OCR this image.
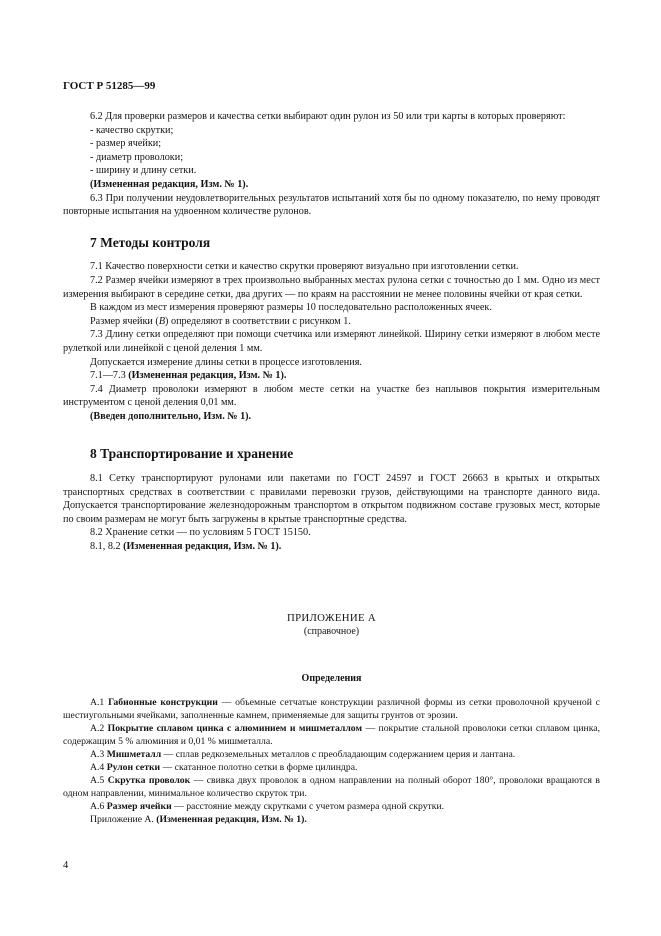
ГОСТ Р 51285—99

6.2 Для проверки размеров и качества сетки выбирают один рулон из 50 или три карты в которых проверяют:

- качество скрутки;

- размер ячейки;

- диаметр проволоки;

- ширину и длину сетки.

(Измененная редакция, Изм. № 1).

6.3 При получении неудовлетворительных результатов испытаний хотя бы по одному показателю, по нему проводят повторные испытания на удвоенном количестве рулонов.

7 Методы контроля

7.1 Качество поверхности сетки и качество скрутки проверяют визуально при изготовлении сетки.

7.2 Размер ячейки измеряют в трех произвольно выбранных местах рулона сетки с точностью до 1 мм. Одно из мест измерения выбирают в середине сетки, два других — по краям на расстоянии не менее половины ячейки от края сетки.

В каждом из мест измерения проверяют размеры 10 последовательно расположенных ячеек.

Размер ячейки (В) определяют в соответствии с рисунком 1.

7.3 Длину сетки определяют при помощи счетчика или измеряют линейкой. Ширину сетки измеряют в любом месте рулеткой или линейкой с ценой деления 1 мм.

Допускается измерение длины сетки в процессе изготовления.

7.1—7.3 (Измененная редакция, Изм. № 1).

7.4 Диаметр проволоки измеряют в любом месте сетки на участке без наплывов покрытия измерительным инструментом с ценой деления 0,01 мм.

(Введен дополнительно, Изм. № 1).

8 Транспортирование и хранение

8.1 Сетку транспортируют рулонами или пакетами по ГОСТ 24597 и ГОСТ 26663 в крытых и открытых транспортных средствах в соответствии с правилами перевозки грузов, действующими на транспорте данного вида. Допускается транспортирование железнодорожным транспортом в открытом подвижном составе грузовых мест, которые по своим размерам не могут быть загружены в крытые транспортные средства.

8.2 Хранение сетки — по условиям 5 ГОСТ 15150.

8.1, 8.2 (Измененная редакция, Изм. № 1).

ПРИЛОЖЕНИЕ А
(справочное)
Определения

А.1 Габионные конструкции — объемные сетчатые конструкции различной формы из сетки проволочной крученой с шестиугольными ячейками, заполненные камнем, применяемые для защиты грунтов от эрозии.

А.2 Покрытие сплавом цинка с алюминием и мишметаллом — покрытие стальной проволоки сетки сплавом цинка, содержащим 5 % алюминия и 0,01 % мишметалла.

А.3 Мишметалл — сплав редкоземельных металлов с преобладающим содержанием церия и лантана.

А.4 Рулон сетки — скатанное полотно сетки в форме цилиндра.

А.5 Скрутка проволок — свивка двух проволок в одном направлении на полный оборот 180°, проволоки вращаются в одном направлении, минимальное количество скруток три.

А.6 Размер ячейки — расстояние между скрутками с учетом размера одной скрутки.

Приложение А. (Измененная редакция, Изм. № 1).

4
